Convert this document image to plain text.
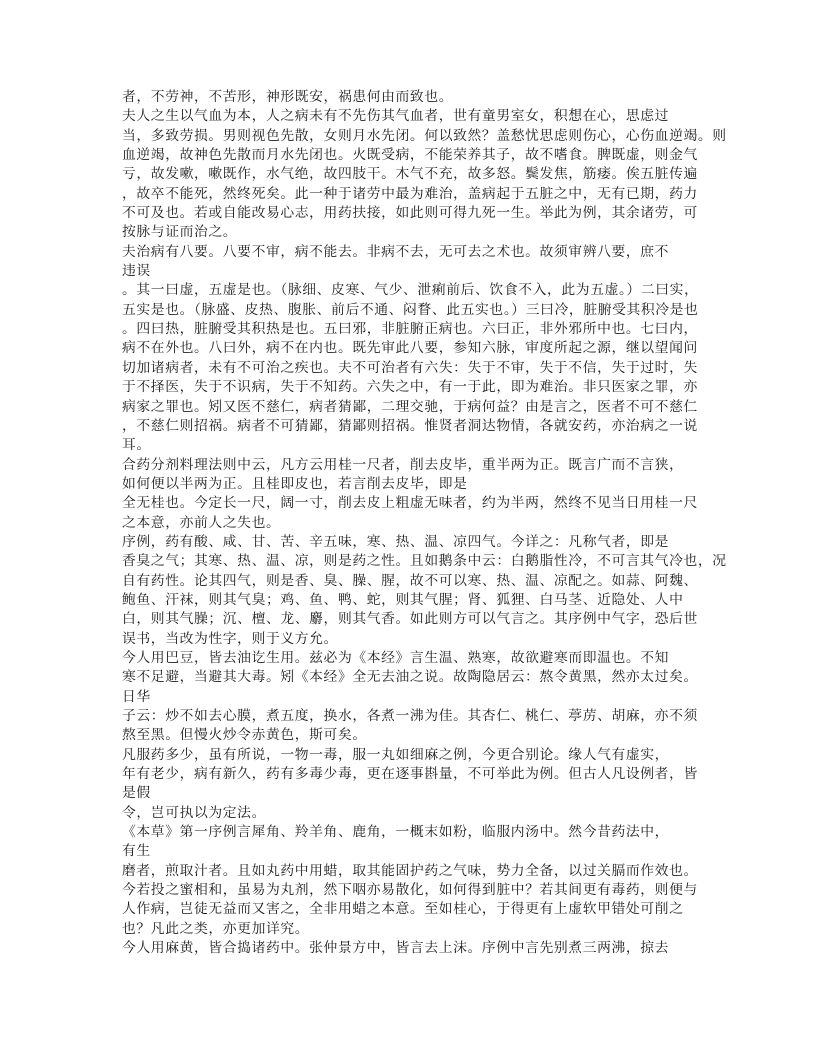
者，不劳神，不苦形，神形既安，祸患何由而致也。
夫人之生以气血为本，人之病未有不先伤其气血者，世有童男室女，积想在心，思虑过
当，多致劳损。男则视色先散，女则月水先闭。何以致然？盖愁忧思虑则伤心，心伤血逆竭。则
血逆竭，故神色先散而月水先闭也。火既受病，不能荣养其子，故不嗜食。脾既虚，则金气
亏，故发嗽，嗽既作，水气绝，故四肢干。木气不充，故多怒。鬓发焦，筋痿。俟五脏传遍
，故卒不能死，然终死矣。此一种于诸劳中最为难治，盖病起于五脏之中，无有已期，药力
不可及也。若或自能改易心志，用药扶接，如此则可得九死一生。举此为例，其余诸劳，可
按脉与证而治之。
夫治病有八要。八要不审，病不能去。非病不去，无可去之术也。故须审辨八要，庶不
违误
。其一曰虚，五虚是也。（脉细、皮寒、气少、泄痢前后、饮食不入，此为五虚。）二曰实，
五实是也。（脉盛、皮热、腹胀、前后不通、闷瞀、此五实也。）三曰冷，脏腑受其积冷是也
。四曰热，脏腑受其积热是也。五曰邪，非脏腑正病也。六曰正，非外邪所中也。七曰内，
病不在外也。八曰外，病不在内也。既先审此八要，参知六脉，审度所起之源，继以望闻问
切加诸病者，未有不可治之疾也。夫不可治者有六失：失于不审，失于不信，失于过时，失
于不择医，失于不识病，失于不知药。六失之中，有一于此，即为难治。非只医家之罪，亦
病家之罪也。矧又医不慈仁，病者猜鄙，二理交驰，于病何益？由是言之，医者不可不慈仁
，不慈仁则招祸。病者不可猜鄙，猜鄙则招祸。惟贤者洞达物情，各就安药，亦治病之一说
耳。
合药分剂料理法则中云，凡方云用桂一尺者，削去皮毕，重半两为正。既言广而不言狭，
如何便以半两为正。且桂即皮也，若言削去皮毕，即是
全无桂也。今定长一尺，阔一寸，削去皮上粗虚无味者，约为半两，然终不见当日用桂一尺
之本意，亦前人之失也。
序例，药有酸、咸、甘、苦、辛五味，寒、热、温、凉四气。今详之：凡称气者，即是
香臭之气；其寒、热、温、凉，则是药之性。且如鹅条中云：白鹅脂性冷，不可言其气冷也，况
自有药性。论其四气，则是香、臭、臊、腥，故不可以寒、热、温、凉配之。如蒜、阿魏、
鲍鱼、汗袜，则其气臭；鸡、鱼、鸭、蛇，则其气腥；肾、狐狸、白马茎、近隐处、人中
白，则其气臊；沉、檀、龙、麝，则其气香。如此则方可以气言之。其序例中气字，恐后世
误书，当改为性字，则于义方允。
今人用巴豆，皆去油讫生用。兹必为《本经》言生温、熟寒，故欲避寒而即温也。不知
寒不足避，当避其大毒。矧《本经》全无去油之说。故陶隐居云：熬令黄黑，然亦太过矣。
日华
子云：炒不如去心膜，煮五度，换水，各煮一沸为佳。其杏仁、桃仁、葶苈、胡麻，亦不须
熬至黑。但慢火炒令赤黄色，斯可矣。
凡服药多少，虽有所说，一物一毒，服一丸如细麻之例，今更合别论。缘人气有虚实，
年有老少，病有新久，药有多毒少毒，更在逐事斟量，不可举此为例。但古人凡设例者，皆
是假
令，岂可执以为定法。
《本草》第一序例言犀角、羚羊角、鹿角，一概末如粉，临服内汤中。然今昔药法中，
有生
磨者，煎取汁者。且如丸药中用蜡，取其能固护药之气味，势力全备，以过关膈而作效也。
今若投之蜜相和，虽易为丸剂，然下咽亦易散化，如何得到脏中？若其间更有毒药，则便与
人作病，岂徒无益而又害之，全非用蜡之本意。至如桂心，于得更有上虚软甲错处可削之
也？凡此之类，亦更加详究。
今人用麻黄，皆合捣诸药中。张仲景方中，皆言去上沫。序例中言先别煮三两沸，掠去
